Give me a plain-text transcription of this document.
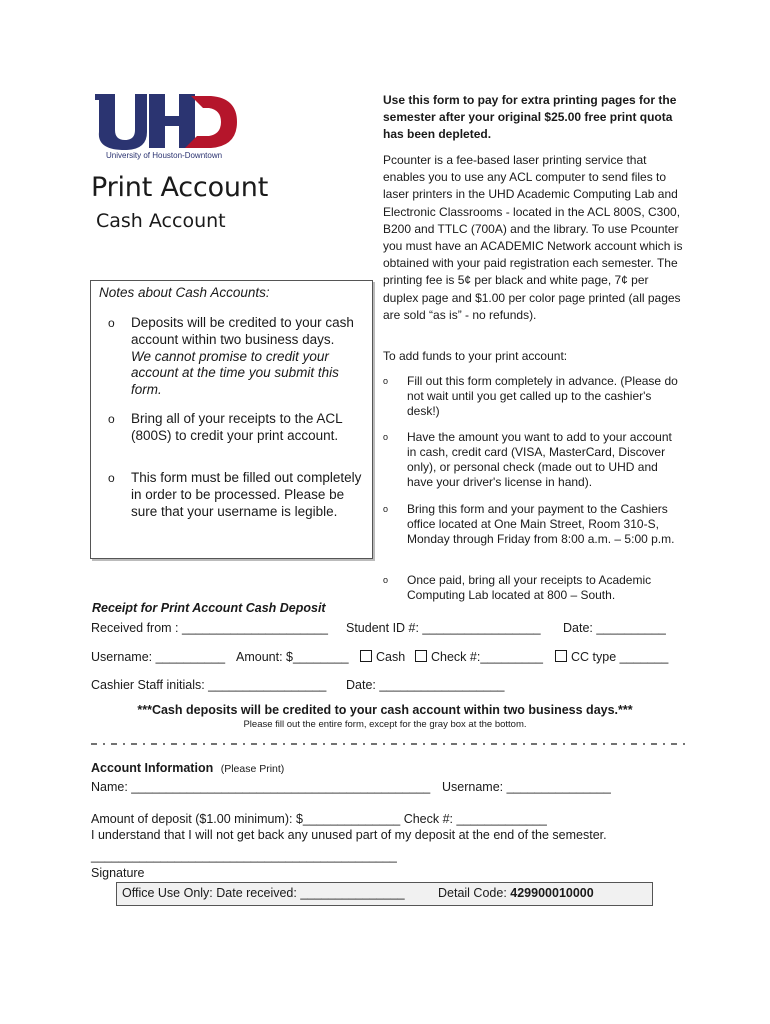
University of Houston-Downtown
Print Account
Cash Account
Notes about Cash Accounts:
o Deposits will be credited to your cash account within two business days.
We cannot promise to credit your account at the time you submit this form.
o Bring all of your receipts to the ACL (800S) to credit your print account.
o This form must be filled out completely in order to be processed. Please be sure that your username is legible.
Use this form to pay for extra printing pages for the semester after your original $25.00 free print quota has been depleted.
Pcounter is a fee-based laser printing service that enables you to use any ACL computer to send files to laser printers in the UHD Academic Computing Lab and Electronic Classrooms - located in the ACL 800S, C300, B200 and TTLC (700A) and the library. To use Pcounter you must have an ACADEMIC Network account which is obtained with your paid registration each semester. The printing fee is 5¢ per black and white page, 7¢ per duplex page and $1.00 per color page printed (all pages are sold “as is” - no refunds).
To add funds to your print account:
o Fill out this form completely in advance. (Please do not wait until you get called up to the cashier's desk!)
o Have the amount you want to add to your account in cash, credit card (VISA, MasterCard, Discover only), or personal check (made out to UHD and have your driver's license in hand).
o Bring this form and your payment to the Cashiers office located at One Main Street, Room 310-S, Monday through Friday from 8:00 a.m. – 5:00 p.m.
o Once paid, bring all your receipts to Academic Computing Lab located at 800 – South.
Receipt for Print Account Cash Deposit
Received from : _____________________ Student ID #: _________________ Date: __________
Username: __________ Amount: $________	Cash	Check #:_________	CC type _______
Cashier Staff initials: _________________ Date: __________________
***Cash deposits will be credited to your cash account within two business days.***
Please fill out the entire form, except for the gray box at the bottom.
Account Information (Please Print)
Name: ___________________________________________ Username: _______________
Amount of deposit ($1.00 minimum): $______________ Check #: _____________
I understand that I will not get back any unused part of my deposit at the end of the semester.
____________________________________________
Signature
Office Use Only: Date received: _______________	Detail Code: 429900010000
